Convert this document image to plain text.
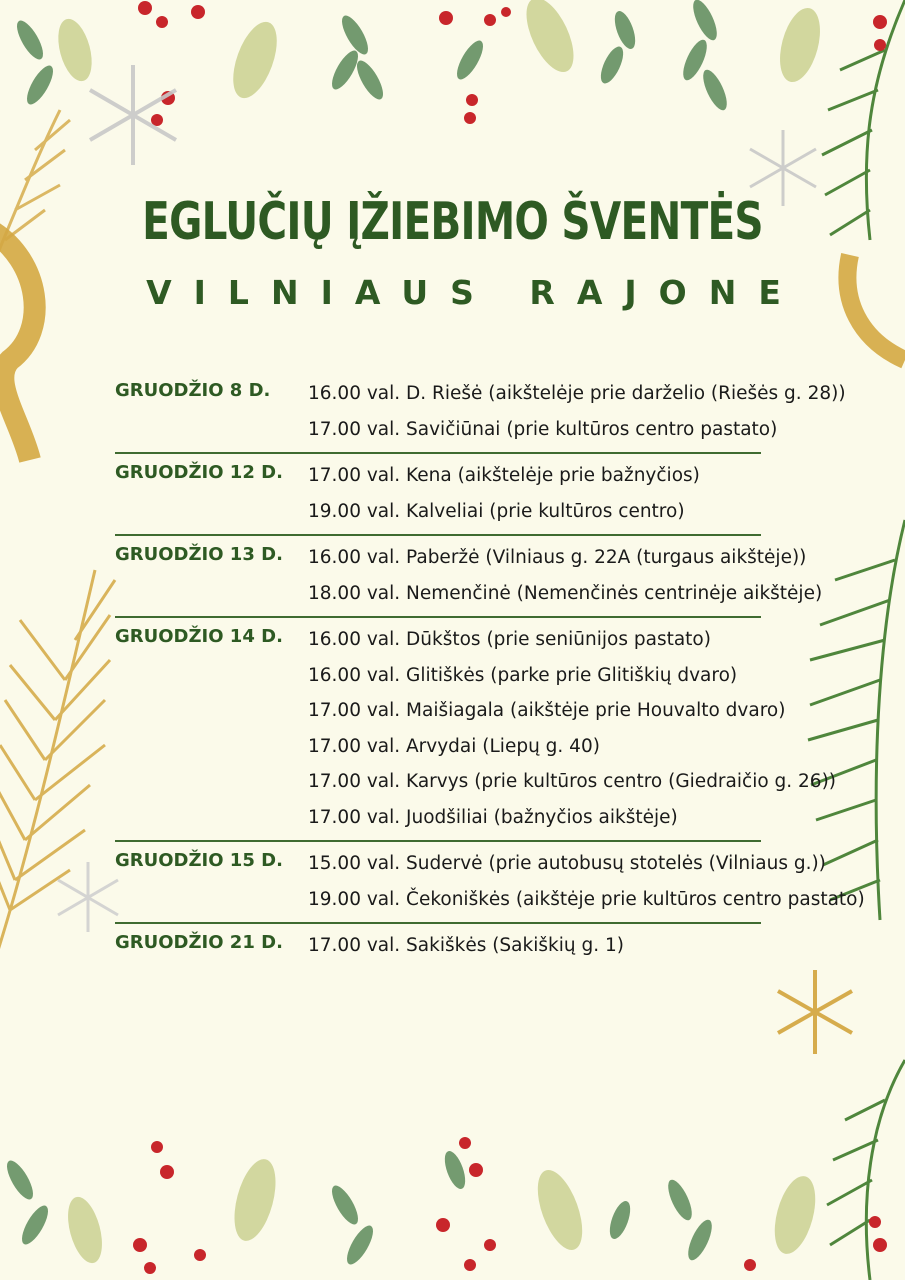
EGLUČIŲ ĮŽIEBIMO ŠVENTĖS
VILNIAUS RAJONE
GRUODŽIO 8 D. 16.00 val. D. Riešė (aikštelėje prie darželio (Riešės g. 28))
17.00 val. Savičiūnai (prie kultūros centro pastato)
GRUODŽIO 12 D. 17.00 val. Kena (aikštelėje prie bažnyčios)
19.00 val. Kalveliai (prie kultūros centro)
GRUODŽIO 13 D. 16.00 val. Paberžė (Vilniaus g. 22A (turgaus aikštėje))
18.00 val. Nemenčinė (Nemenčinės centrinėje aikštėje)
GRUODŽIO 14 D. 16.00 val. Dūkštos (prie seniūnijos pastato)
16.00 val. Glitiškės (parke prie Glitiškių dvaro)
17.00 val. Maišiagala (aikštėje prie Houvalto dvaro)
17.00 val. Arvydai (Liepų g. 40)
17.00 val. Karvys (prie kultūros centro (Giedraičio g. 26))
17.00 val. Juodšiliai (bažnyčios aikštėje)
GRUODŽIO 15 D. 15.00 val. Sudervė (prie autobusų stotelės (Vilniaus g.))
19.00 val. Čekoniškės (aikštėje prie kultūros centro pastato)
GRUODŽIO 21 D. 17.00 val. Sakiškės (Sakiškių g. 1)
